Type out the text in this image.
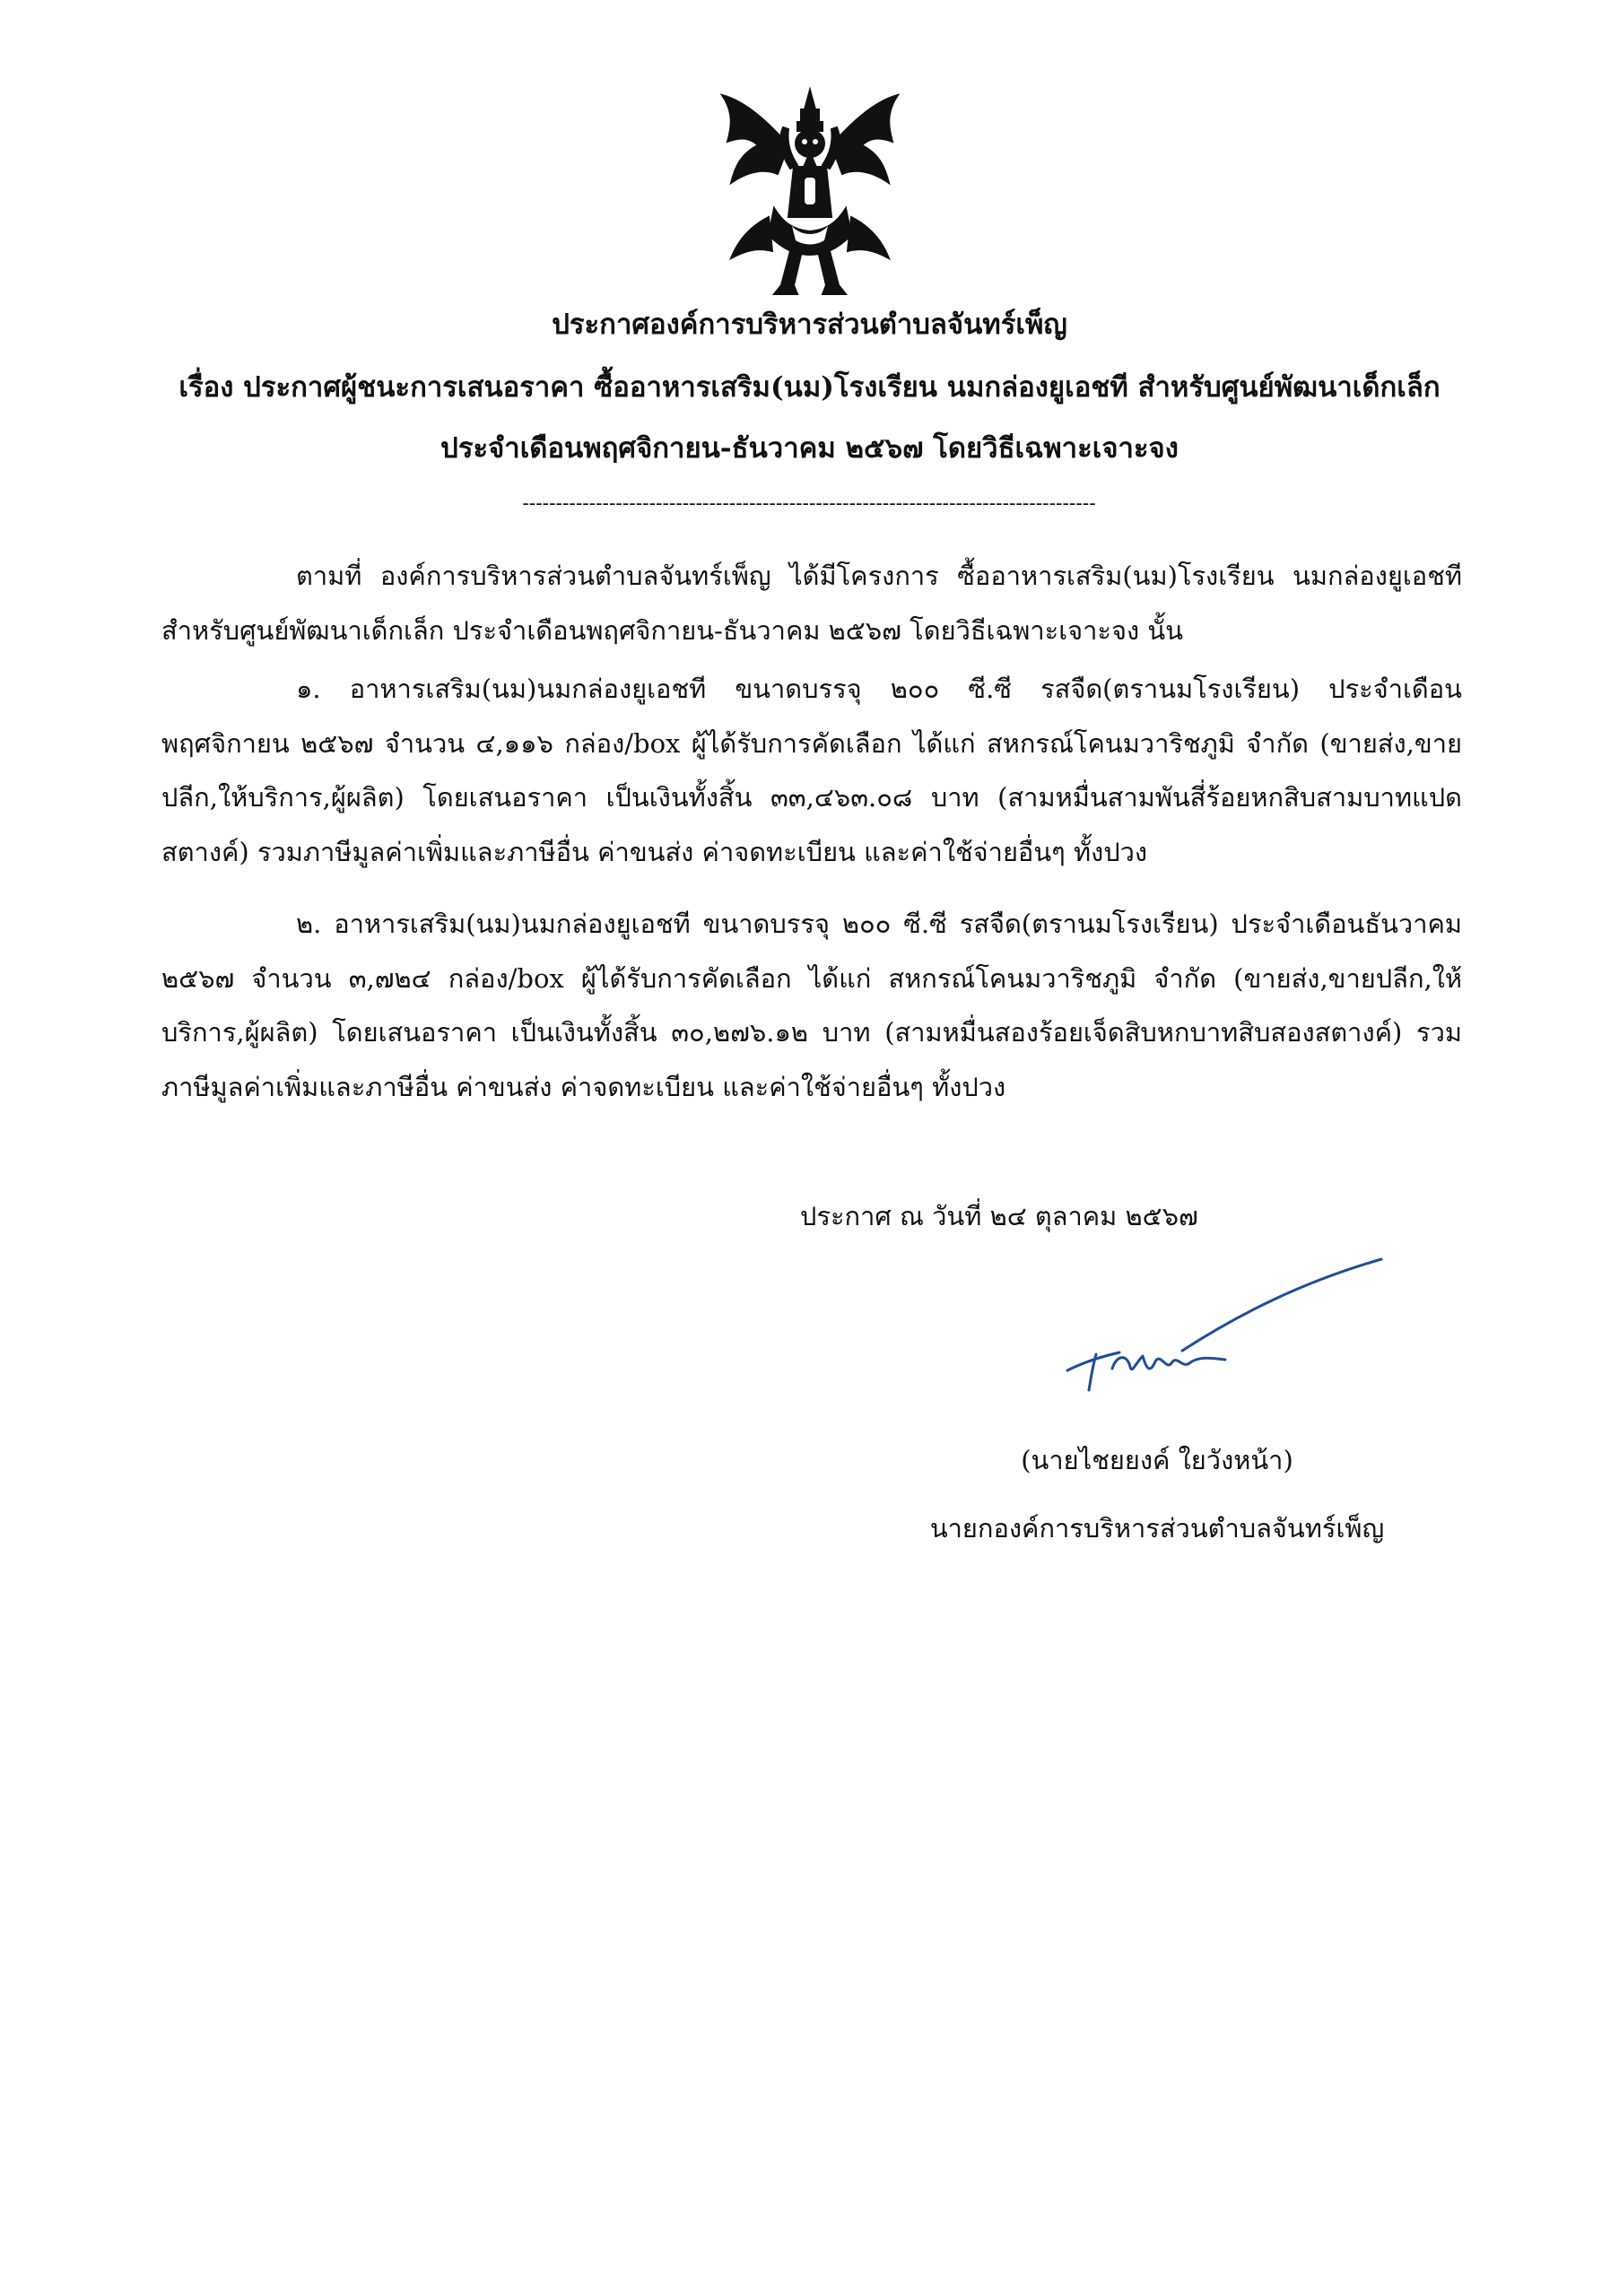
ประกาศองค์การบริหารส่วนตำบลจันทร์เพ็ญ
เรื่อง ประกาศผู้ชนะการเสนอราคา ซื้ออาหารเสริม(นม)โรงเรียน นมกล่องยูเอชที สำหรับศูนย์พัฒนาเด็กเล็ก
ประจำเดือนพฤศจิกายน-ธันวาคม ๒๕๖๗ โดยวิธีเฉพาะเจาะจง
--------------------------------------------------------------------------------------
ตามที่ องค์การบริหารส่วนตำบลจันทร์เพ็ญ ได้มีโครงการ ซื้ออาหารเสริม(นม)โรงเรียน นมกล่องยูเอชที สำหรับศูนย์พัฒนาเด็กเล็ก ประจำเดือนพฤศจิกายน-ธันวาคม ๒๕๖๗ โดยวิธีเฉพาะเจาะจง นั้น
๑. อาหารเสริม(นม)นมกล่องยูเอชที ขนาดบรรจุ ๒๐๐ ซี.ซี รสจืด(ตรานมโรงเรียน) ประจำเดือน พฤศจิกายน ๒๕๖๗ จำนวน ๔,๑๑๖ กล่อง/box ผู้ได้รับการคัดเลือก ได้แก่ สหกรณ์โคนมวาริชภูมิ จำกัด (ขายส่ง,ขายปลีก,ให้บริการ,ผู้ผลิต) โดยเสนอราคา เป็นเงินทั้งสิ้น ๓๓,๔๖๓.๐๘ บาท (สามหมื่นสามพันสี่ร้อยหกสิบสามบาทแปดสตางค์) รวมภาษีมูลค่าเพิ่มและภาษีอื่น ค่าขนส่ง ค่าจดทะเบียน และค่าใช้จ่ายอื่นๆ ทั้งปวง
๒. อาหารเสริม(นม)นมกล่องยูเอชที ขนาดบรรจุ ๒๐๐ ซี.ซี รสจืด(ตรานมโรงเรียน) ประจำเดือนธันวาคม ๒๕๖๗ จำนวน ๓,๗๒๔ กล่อง/box ผู้ได้รับการคัดเลือก ได้แก่ สหกรณ์โคนมวาริชภูมิ จำกัด (ขายส่ง,ขายปลีก,ให้บริการ,ผู้ผลิต) โดยเสนอราคา เป็นเงินทั้งสิ้น ๓๐,๒๗๖.๑๒ บาท (สามหมื่นสองร้อยเจ็ดสิบหกบาทสิบสองสตางค์) รวมภาษีมูลค่าเพิ่มและภาษีอื่น ค่าขนส่ง ค่าจดทะเบียน และค่าใช้จ่ายอื่นๆ ทั้งปวง
ประกาศ ณ วันที่ ๒๔ ตุลาคม ๒๕๖๗
(นายไชยยงค์ ใยวังหน้า)
นายกองค์การบริหารส่วนตำบลจันทร์เพ็ญ
